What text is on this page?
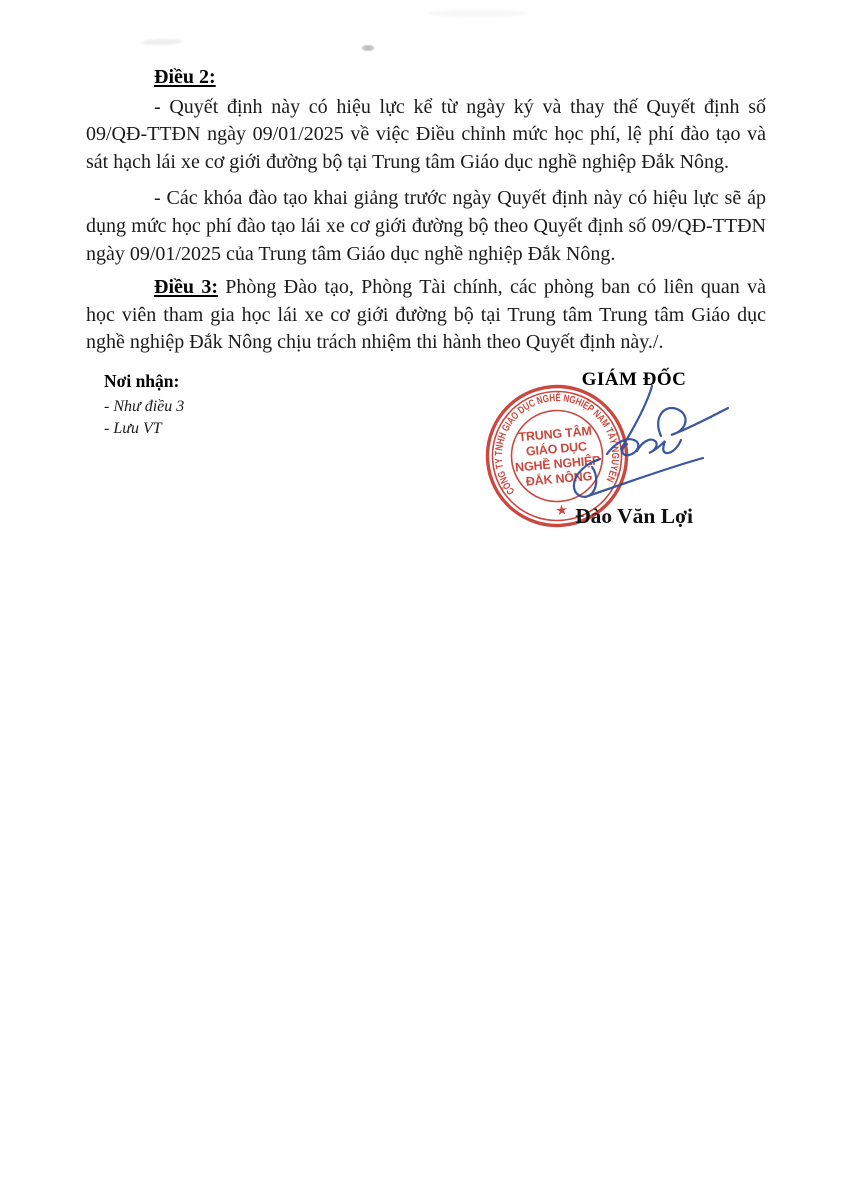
Điều 2:

- Quyết định này có hiệu lực kể từ ngày ký và thay thế Quyết định số 09/QĐ-TTĐN ngày 09/01/2025 về việc Điều chỉnh mức học phí, lệ phí đào tạo và sát hạch lái xe cơ giới đường bộ tại Trung tâm Giáo dục nghề nghiệp Đắk Nông.

- Các khóa đào tạo khai giảng trước ngày Quyết định này có hiệu lực sẽ áp dụng mức học phí đào tạo lái xe cơ giới đường bộ theo Quyết định số 09/QĐ-TTĐN ngày 09/01/2025 của Trung tâm Giáo dục nghề nghiệp Đắk Nông.

Điều 3: Phòng Đào tạo, Phòng Tài chính, các phòng ban có liên quan và học viên tham gia học lái xe cơ giới đường bộ tại Trung tâm Trung tâm Giáo dục nghề nghiệp Đắk Nông chịu trách nhiệm thi hành theo Quyết định này./.

Nơi nhận:

- Như điều 3

- Lưu VT

GIÁM ĐỐC
CÔNG TY TNHH GIÁO DỤC NGHỀ NGHIỆP NAM TÂY NGUYÊN
★
TRUNG TÂM
GIÁO DỤC
NGHỀ NGHIỆP
ĐẮK NÔNG
Đào Văn Lợi
